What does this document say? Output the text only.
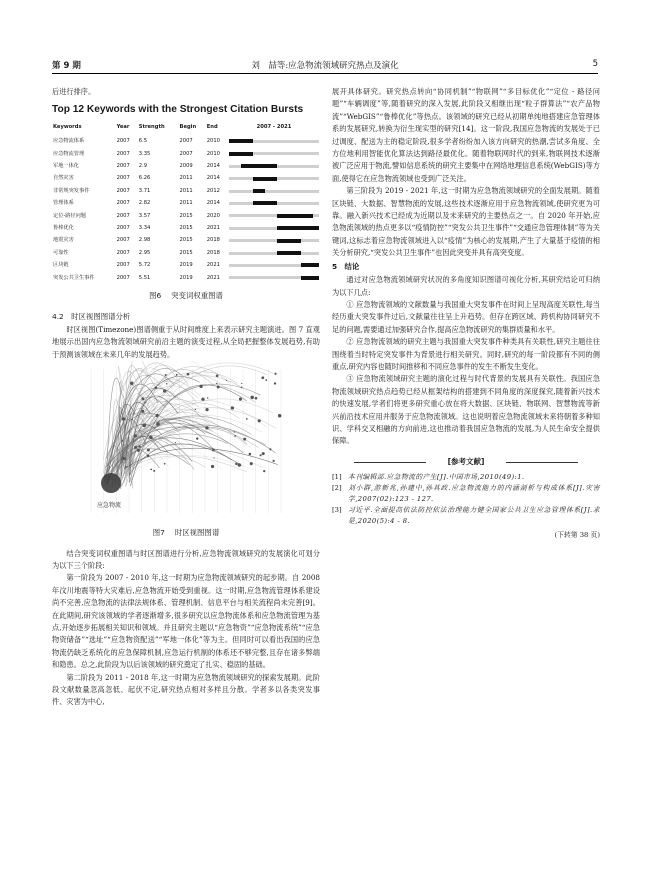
第 9 期	刘　喆等:应急物流领域研究热点及演化	5

后进行排序。

Top 12 Keywords with the Strongest Citation Bursts
Keywords	Year	Strength	Begin	End	2007 - 2021
应急物流体系	2007	6.5	2007	2010	

应急物流管理	2007	3.35	2007	2010	

军地一体化	2007	2.9	2009	2014	

自然灾害	2007	6.26	2011	2014	

非常规突发事件	2007	3.71	2011	2012	

管理体系	2007	2.82	2011	2014	

定位-路径问题	2007	3.57	2015	2020	

鲁棒优化	2007	3.34	2015	2021	

地震灾害	2007	2.98	2015	2018	

可靠性	2007	2.95	2015	2018	

区块链	2007	5.72	2019	2021	

突发公共卫生事件	2007	5.51	2019	2021	
图6 突变词权重图谱
4.2　时区视图图谱分析

时区视图(Timezone)图谱侧重于从时间维度上来表示研究主题演进。图 7 直观地展示出国内应急物流领域研究前沿主题的演变过程,从全局把握整体发展趋势,有助于预测该领域在未来几年的发展趋势。

应急物流
图7 时区视图图谱

结合突变词权重图谱与时区图谱进行分析,应急物流领域研究的发展演化可划分为以下三个阶段:

第一阶段为 2007 - 2010 年,这一时期为应急物流领域研究的起步期。自 2008 年汶川地震等特大灾难后,应急物流开始受到重视。这一时期,应急物流管理体系建设尚不完善,应急物流的法律法规体系、管理机制、信息平台与相关流程尚未完善[9]。在此期间,研究该领域的学者逐渐增多,很多研究以应急物流体系和应急物流管理为基点,开始逐步拓展相关知识和领域。并且研究主题以“应急物资”“应急物流系统”“应急物资储备”“选址”“应急物资配送”“军地一体化”等为主。但同时可以看出我国的应急物流仍缺乏系统化的应急保障机制,应急运行机制的体系还不够完整,且存在诸多弊端和隐患。总之,此阶段为以后该领域的研究奠定了扎实、稳固的基础。

第二阶段为 2011 - 2018 年,这一时期为应急物流领域研究的探索发展期。此阶段文献数量忽高忽低、起伏不定,研究热点相对多样且分散。学者多以各类突发事件、灾害为中心,

展开具体研究。研究热点转向“协同机制”“物联网”“多目标优化”“定位 - 路径问题”“车辆调度”等,随着研究的深入发展,此阶段又相继出现“粒子群算法”“农产品物流”“WebGIS”“鲁棒优化”等热点。该领域的研究已经从初期单纯地搭建应急管理体系的发展研究,转换为衍生现实型的研究[14]。这一阶段,我国应急物流的发展处于已过调度、配送为主的稳定阶段,很多学者纷纷加入该方向研究的热潮,尝试多角度、全方位地利用智能优化算法达到路径最优化。随着物联网时代的到来,物联网技术逐渐被广泛应用于物流,譬如信息系统的研究主要集中在网络地理信息系统(WebGIS)等方面,使得它在应急物流领域也受到广泛关注。

第三阶段为 2019 - 2021 年,这一时期为应急物流领域研究的全面发展期。随着区块链、大数据、智慧物流的发展,这些技术逐渐应用于应急物流领域,使研究更为可靠。融入新兴技术已经成为近期以及未来研究的主要热点之一。自 2020 年开始,应急物流领域的热点更多以“疫情防控”“突发公共卫生事件”“交通应急管理体制”等为关键词,这标志着应急物流领域进入以“疫情”为核心的发展期,产生了大量基于疫情的相关分析研究,“突发公共卫生事件”也因此突变并具有高突变度。

5　结论

通过对应急物流领域研究状况的多角度知识图谱可视化分析,其研究结论可归纳为以下几点:

① 应急物流领域的文献数量与我国重大突发事件在时间上呈现高度关联性,每当经历重大突发事件过后,文献量往往呈上升趋势。但存在跨区域、跨机构协同研究不足的问题,需要通过加强研究合作,提高应急物流研究的集群质量和水平。

② 应急物流领域的研究主题与我国重大突发事件种类具有关联性,研究主题往往围绕着当时特定突发事件为背景进行相关研究。同时,研究的每一阶段都有不同的侧重点,研究内容也随时间推移和不同应急事件的发生不断发生变化。

③ 应急物流领域研究主题的演化过程与时代背景的发展具有关联性。我国应急物流领域研究热点趋势已经从框架结构的搭建到不同角度的深度探究,随着新兴技术的快速发展,学者们将更多研究重心放在将大数据、区块链、物联网、智慧物流等新兴前沿技术应用并服务于应急物流领域。这也说明着应急物流领域未来将朝着多种知识、学科交叉相融的方向前进,这也推动着我国应急物流的发展,为人民生命安全提供保障。

[参考文献]
[1] 本刊编辑部.应急物流的产生[J].中国市场,2010(49):1.
[2] 刘小群,游新兆,孙建中,孙其政.应急物流能力的内涵剖析与构成体系[J].灾害学,2007(02):123 - 127.
[3] 习近平.全面提高依法防控依法治理能力健全国家公共卫生应急管理体系[J].求是,2020(5):4 - 8.
(下转第 38 页)
